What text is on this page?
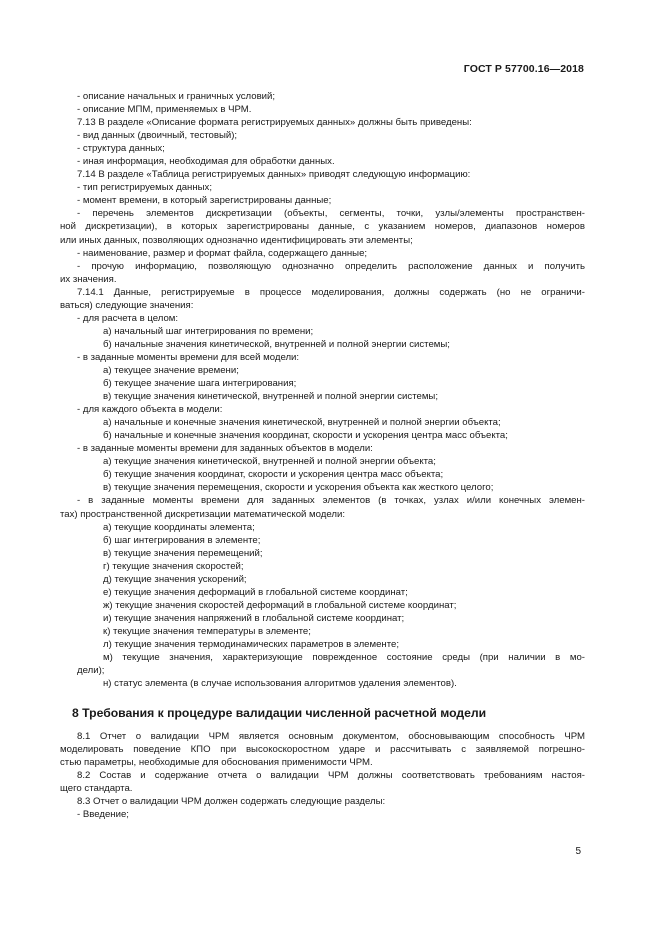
ГОСТ Р 57700.16—2018
- описание начальных и граничных условий;
- описание МПМ, применяемых в ЧРМ.
7.13 В разделе «Описание формата регистрируемых данных» должны быть приведены:
- вид данных (двоичный, тестовый);
- структура данных;
- иная информация, необходимая для обработки данных.
7.14 В разделе «Таблица регистрируемых данных» приводят следующую информацию:
- тип регистрируемых данных;
- момент времени, в который зарегистрированы данные;
- перечень элементов дискретизации (объекты, сегменты, точки, узлы/элементы пространствен-
ной дискретизации), в которых зарегистрированы данные, с указанием номеров, диапазонов номеров
или иных данных, позволяющих однозначно идентифицировать эти элементы;
- наименование, размер и формат файла, содержащего данные;
- прочую информацию, позволяющую однозначно определить расположение данных и получить
их значения.
7.14.1 Данные, регистрируемые в процессе моделирования, должны содержать (но не ограничи-
ваться) следующие значения:
- для расчета в целом:
а) начальный шаг интегрирования по времени;
б) начальные значения кинетической, внутренней и полной энергии системы;
- в заданные моменты времени для всей модели:
а) текущее значение времени;
б) текущее значение шага интегрирования;
в) текущие значения кинетической, внутренней и полной энергии системы;
- для каждого объекта в модели:
а) начальные и конечные значения кинетической, внутренней и полной энергии объекта;
б) начальные и конечные значения координат, скорости и ускорения центра масс объекта;
- в заданные моменты времени для заданных объектов в модели:
а) текущие значения кинетической, внутренней и полной энергии объекта;
б) текущие значения координат, скорости и ускорения центра масс объекта;
в) текущие значения перемещения, скорости и ускорения объекта как жесткого целого;
- в заданные моменты времени для заданных элементов (в точках, узлах и/или конечных элемен-
тах) пространственной дискретизации математической модели:
а) текущие координаты элемента;
б) шаг интегрирования в элементе;
в) текущие значения перемещений;
г) текущие значения скоростей;
д) текущие значения ускорений;
е) текущие значения деформаций в глобальной системе координат;
ж) текущие значения скоростей деформаций в глобальной системе координат;
и) текущие значения напряжений в глобальной системе координат;
к) текущие значения температуры в элементе;
л) текущие значения термодинамических параметров в элементе;
м) текущие значения, характеризующие поврежденное состояние среды (при наличии в мо-
дели);
н) статус элемента (в случае использования алгоритмов удаления элементов).
8 Требования к процедуре валидации численной расчетной модели
8.1 Отчет о валидации ЧРМ является основным документом, обосновывающим способность ЧРМ
моделировать поведение КПО при высокоскоростном ударе и рассчитывать с заявляемой погрешно-
стью параметры, необходимые для обоснования применимости ЧРМ.
8.2 Состав и содержание отчета о валидации ЧРМ должны соответствовать требованиям настоя-
щего стандарта.
8.3 Отчет о валидации ЧРМ должен содержать следующие разделы:
- Введение;
5
